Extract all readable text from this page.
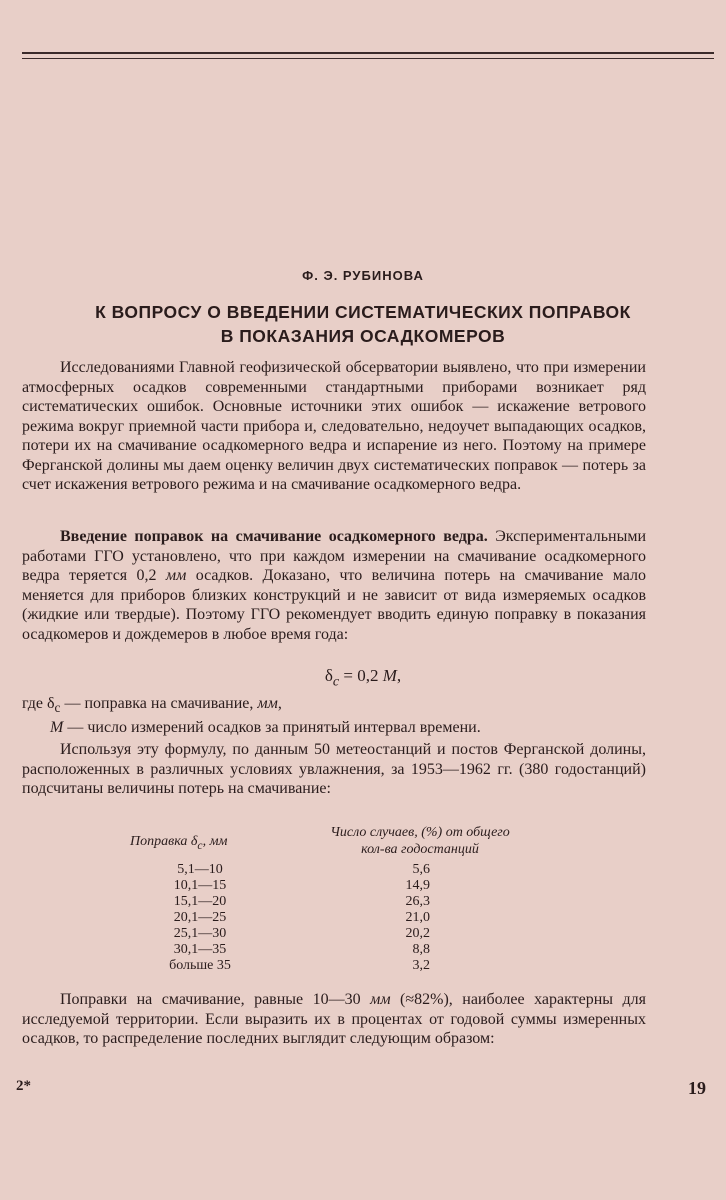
Ф. Э. РУБИНОВА
К ВОПРОСУ О ВВЕДЕНИИ СИСТЕМАТИЧЕСКИХ ПОПРАВОК
В ПОКАЗАНИЯ ОСАДКОМЕРОВ

Исследованиями Главной геофизической обсерватории выявлено, что при измерении атмосферных осадков современными стандартными приборами возникает ряд систематических ошибок. Основные источники этих ошибок — искажение ветрового режима вокруг приемной части прибора и, следовательно, недоучет выпадающих осадков, потери их на смачивание осадкомерного ведра и испарение из него. Поэтому на примере Ферганской долины мы даем оценку величин двух систематических поправок — потерь за счет искажения ветрового режима и на смачивание осадкомерного ведра.

Введение поправок на смачивание осадкомерного ведра. Экспериментальными работами ГГО установлено, что при каждом измерении на смачивание осадкомерного ведра теряется 0,2 мм осадков. Доказано, что величина потерь на смачивание мало меняется для приборов близких конструкций и не зависит от вида измеряемых осадков (жидкие или твердые). Поэтому ГГО рекомендует вводить единую поправку в показания осадкомеров и дождемеров в любое время года:

$\delta_c = 0,2$ M,
где $\delta_c$ — поправка на смачивание, мм,
M — число измерений осадков за принятый интервал времени.

Используя эту формулу, по данным 50 метеостанций и постов Ферганской долины, расположенных в различных условиях увлажнения, за 1953—1962 гг. (380 годостанций) подсчитаны величины потерь на смачивание:

Поправка $\delta_c$, мм
Число случаев, (%) от общего
кол-ва годостанций
5,1—10	5,6
10,1—15	14,9
15,1—20	26,3
20,1—25	21,0
25,1—30	20,2
30,1—35	8,8
больше 35	3,2

Поправки на смачивание, равные 10—30 мм (≈82%), наиболее характерны для исследуемой территории. Если выразить их в процентах от годовой суммы измеренных осадков, то распределение последних выглядит следующим образом:

2*	19
